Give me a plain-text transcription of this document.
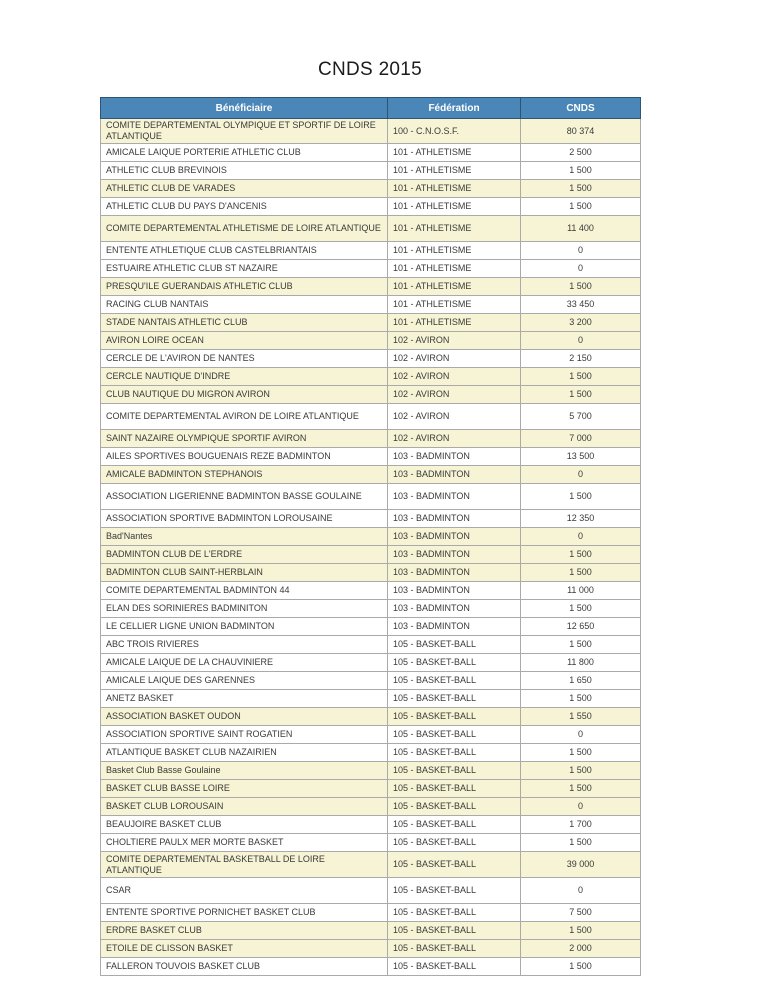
CNDS 2015
Bénéficiaire	Fédération	CNDS
COMITE DEPARTEMENTAL OLYMPIQUE ET SPORTIF DE LOIRE ATLANTIQUE	100 - C.N.O.S.F.	80 374
AMICALE LAIQUE PORTERIE ATHLETIC CLUB	101 - ATHLETISME	2 500
ATHLETIC CLUB BREVINOIS	101 - ATHLETISME	1 500
ATHLETIC CLUB DE VARADES	101 - ATHLETISME	1 500
ATHLETIC CLUB DU PAYS D'ANCENIS	101 - ATHLETISME	1 500
COMITE DEPARTEMENTAL ATHLETISME DE LOIRE ATLANTIQUE	101 - ATHLETISME	11 400
ENTENTE ATHLETIQUE CLUB CASTELBRIANTAIS	101 - ATHLETISME	0
ESTUAIRE ATHLETIC CLUB ST NAZAIRE	101 - ATHLETISME	0
PRESQU'ILE GUERANDAIS ATHLETIC CLUB	101 - ATHLETISME	1 500
RACING CLUB NANTAIS	101 - ATHLETISME	33 450
STADE NANTAIS ATHLETIC CLUB	101 - ATHLETISME	3 200
AVIRON LOIRE OCEAN	102 - AVIRON	0
CERCLE DE L'AVIRON DE NANTES	102 - AVIRON	2 150
CERCLE NAUTIQUE D'INDRE	102 - AVIRON	1 500
CLUB NAUTIQUE DU MIGRON AVIRON	102 - AVIRON	1 500
COMITE DEPARTEMENTAL AVIRON DE LOIRE ATLANTIQUE	102 - AVIRON	5 700
SAINT NAZAIRE OLYMPIQUE SPORTIF AVIRON	102 - AVIRON	7 000
AILES SPORTIVES BOUGUENAIS REZE BADMINTON	103 - BADMINTON	13 500
AMICALE BADMINTON STEPHANOIS	103 - BADMINTON	0
ASSOCIATION LIGERIENNE BADMINTON BASSE GOULAINE	103 - BADMINTON	1 500
ASSOCIATION SPORTIVE BADMINTON LOROUSAINE	103 - BADMINTON	12 350
Bad'Nantes	103 - BADMINTON	0
BADMINTON CLUB DE L'ERDRE	103 - BADMINTON	1 500
BADMINTON CLUB SAINT-HERBLAIN	103 - BADMINTON	1 500
COMITE DEPARTEMENTAL BADMINTON 44	103 - BADMINTON	11 000
ELAN DES SORINIERES BADMINITON	103 - BADMINTON	1 500
LE CELLIER LIGNE UNION BADMINTON	103 - BADMINTON	12 650
ABC TROIS RIVIERES	105 - BASKET-BALL	1 500
AMICALE LAIQUE DE LA CHAUVINIERE	105 - BASKET-BALL	11 800
AMICALE LAIQUE DES GARENNES	105 - BASKET-BALL	1 650
ANETZ BASKET	105 - BASKET-BALL	1 500
ASSOCIATION BASKET OUDON	105 - BASKET-BALL	1 550
ASSOCIATION SPORTIVE SAINT ROGATIEN	105 - BASKET-BALL	0
ATLANTIQUE BASKET CLUB NAZAIRIEN	105 - BASKET-BALL	1 500
Basket Club Basse Goulaine	105 - BASKET-BALL	1 500
BASKET CLUB BASSE LOIRE	105 - BASKET-BALL	1 500
BASKET CLUB LOROUSAIN	105 - BASKET-BALL	0
BEAUJOIRE BASKET CLUB	105 - BASKET-BALL	1 700
CHOLTIERE PAULX MER MORTE BASKET	105 - BASKET-BALL	1 500
COMITE DEPARTEMENTAL BASKETBALL DE LOIRE ATLANTIQUE	105 - BASKET-BALL	39 000
CSAR	105 - BASKET-BALL	0
ENTENTE SPORTIVE PORNICHET BASKET CLUB	105 - BASKET-BALL	7 500
ERDRE BASKET CLUB	105 - BASKET-BALL	1 500
ETOILE DE CLISSON BASKET	105 - BASKET-BALL	2 000
FALLERON TOUVOIS BASKET CLUB	105 - BASKET-BALL	1 500
